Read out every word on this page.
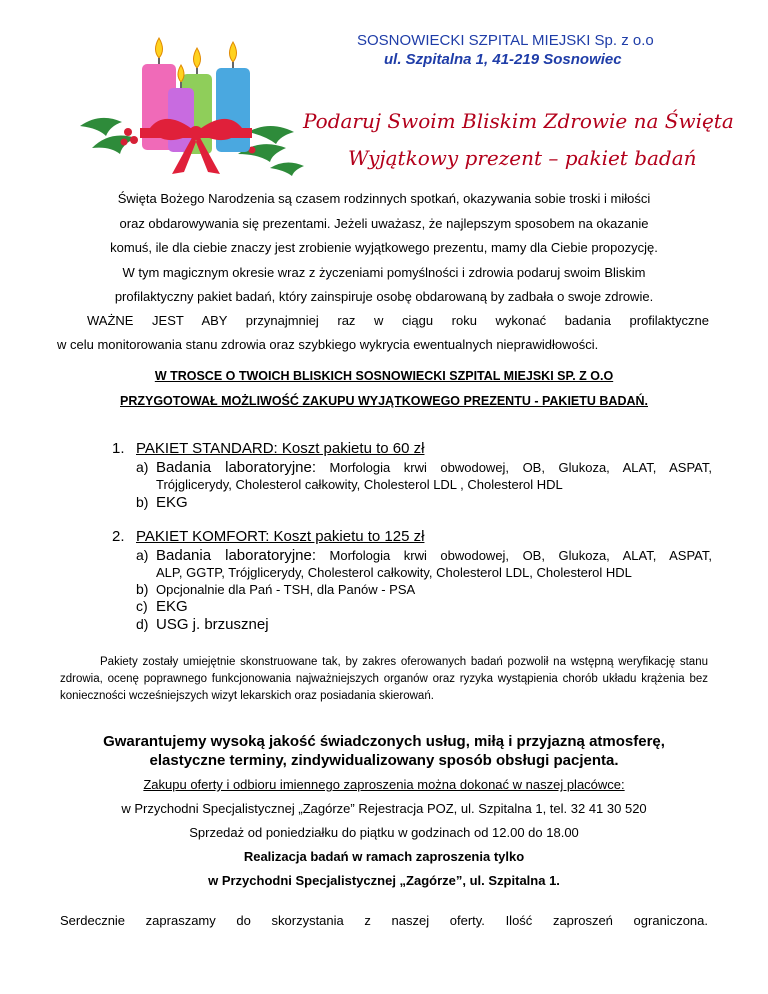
SOSNOWIECKI SZPITAL MIEJSKI Sp. z o.o
ul. Szpitalna 1, 41-219 Sosnowiec
Podaruj Swoim Bliskim Zdrowie na Święta
Wyjątkowy prezent – pakiet badań

Święta Bożego Narodzenia są czasem rodzinnych spotkań, okazywania sobie troski i miłości

oraz obdarowywania się prezentami. Jeżeli uważasz, że najlepszym sposobem na okazanie

komuś, ile dla ciebie znaczy jest zrobienie wyjątkowego prezentu, mamy dla Ciebie propozycję.

W tym magicznym okresie wraz z życzeniami pomyślności i zdrowia podaruj swoim Bliskim

profilaktyczny pakiet badań, który zainspiruje osobę obdarowaną by zadbała o swoje zdrowie.

WAŻNE JEST ABY przynajmniej raz w ciągu roku wykonać badania profilaktyczne
w celu monitorowania stanu zdrowia oraz szybkiego wykrycia ewentualnych nieprawidłowości.
W TROSCE O TWOICH BLISKICH SOSNOWIECKI SZPITAL MIEJSKI SP. Z O.O
PRZYGOTOWAŁ MOŻLIWOŚĆ ZAKUPU WYJĄTKOWEGO PREZENTU - PAKIETU BADAŃ.
1. PAKIET STANDARD: Koszt pakietu to 60 zł
a) Badania laboratoryjne: Morfologia krwi obwodowej, OB, Glukoza, ALAT, ASPAT,
Trójglicerydy, Cholesterol całkowity, Cholesterol LDL , Cholesterol HDL
b) EKG
2. PAKIET KOMFORT: Koszt pakietu to 125 zł
a) Badania laboratoryjne: Morfologia krwi obwodowej, OB, Glukoza, ALAT, ASPAT,
ALP, GGTP, Trójglicerydy, Cholesterol całkowity, Cholesterol LDL, Cholesterol HDL
b) Opcjonalnie dla Pań - TSH, dla Panów - PSA
c) EKG
d) USG j. brzusznej
Pakiety zostały umiejętnie skonstruowane tak, by zakres oferowanych badań pozwolił na wstępną weryfikację stanu zdrowia, ocenę poprawnego funkcjonowania najważniejszych organów oraz ryzyka wystąpienia chorób układu krążenia bez konieczności wcześniejszych wizyt lekarskich oraz posiadania skierowań.
Gwarantujemy wysoką jakość świadczonych usług, miłą i przyjazną atmosferę,
elastyczne terminy, zindywidualizowany sposób obsługi pacjenta.
Zakupu oferty i odbioru imiennego zaproszenia można dokonać w naszej placówce:
w Przychodni Specjalistycznej „Zagórze” Rejestracja POZ, ul. Szpitalna 1, tel. 32 41 30 520
Sprzedaż od poniedziałku do piątku w godzinach od 12.00 do 18.00
Realizacja badań w ramach zaproszenia tylko
w Przychodni Specjalistycznej „Zagórze”, ul. Szpitalna 1.
Serdecznie zapraszamy do skorzystania z naszej oferty. Ilość zaproszeń ograniczona.
